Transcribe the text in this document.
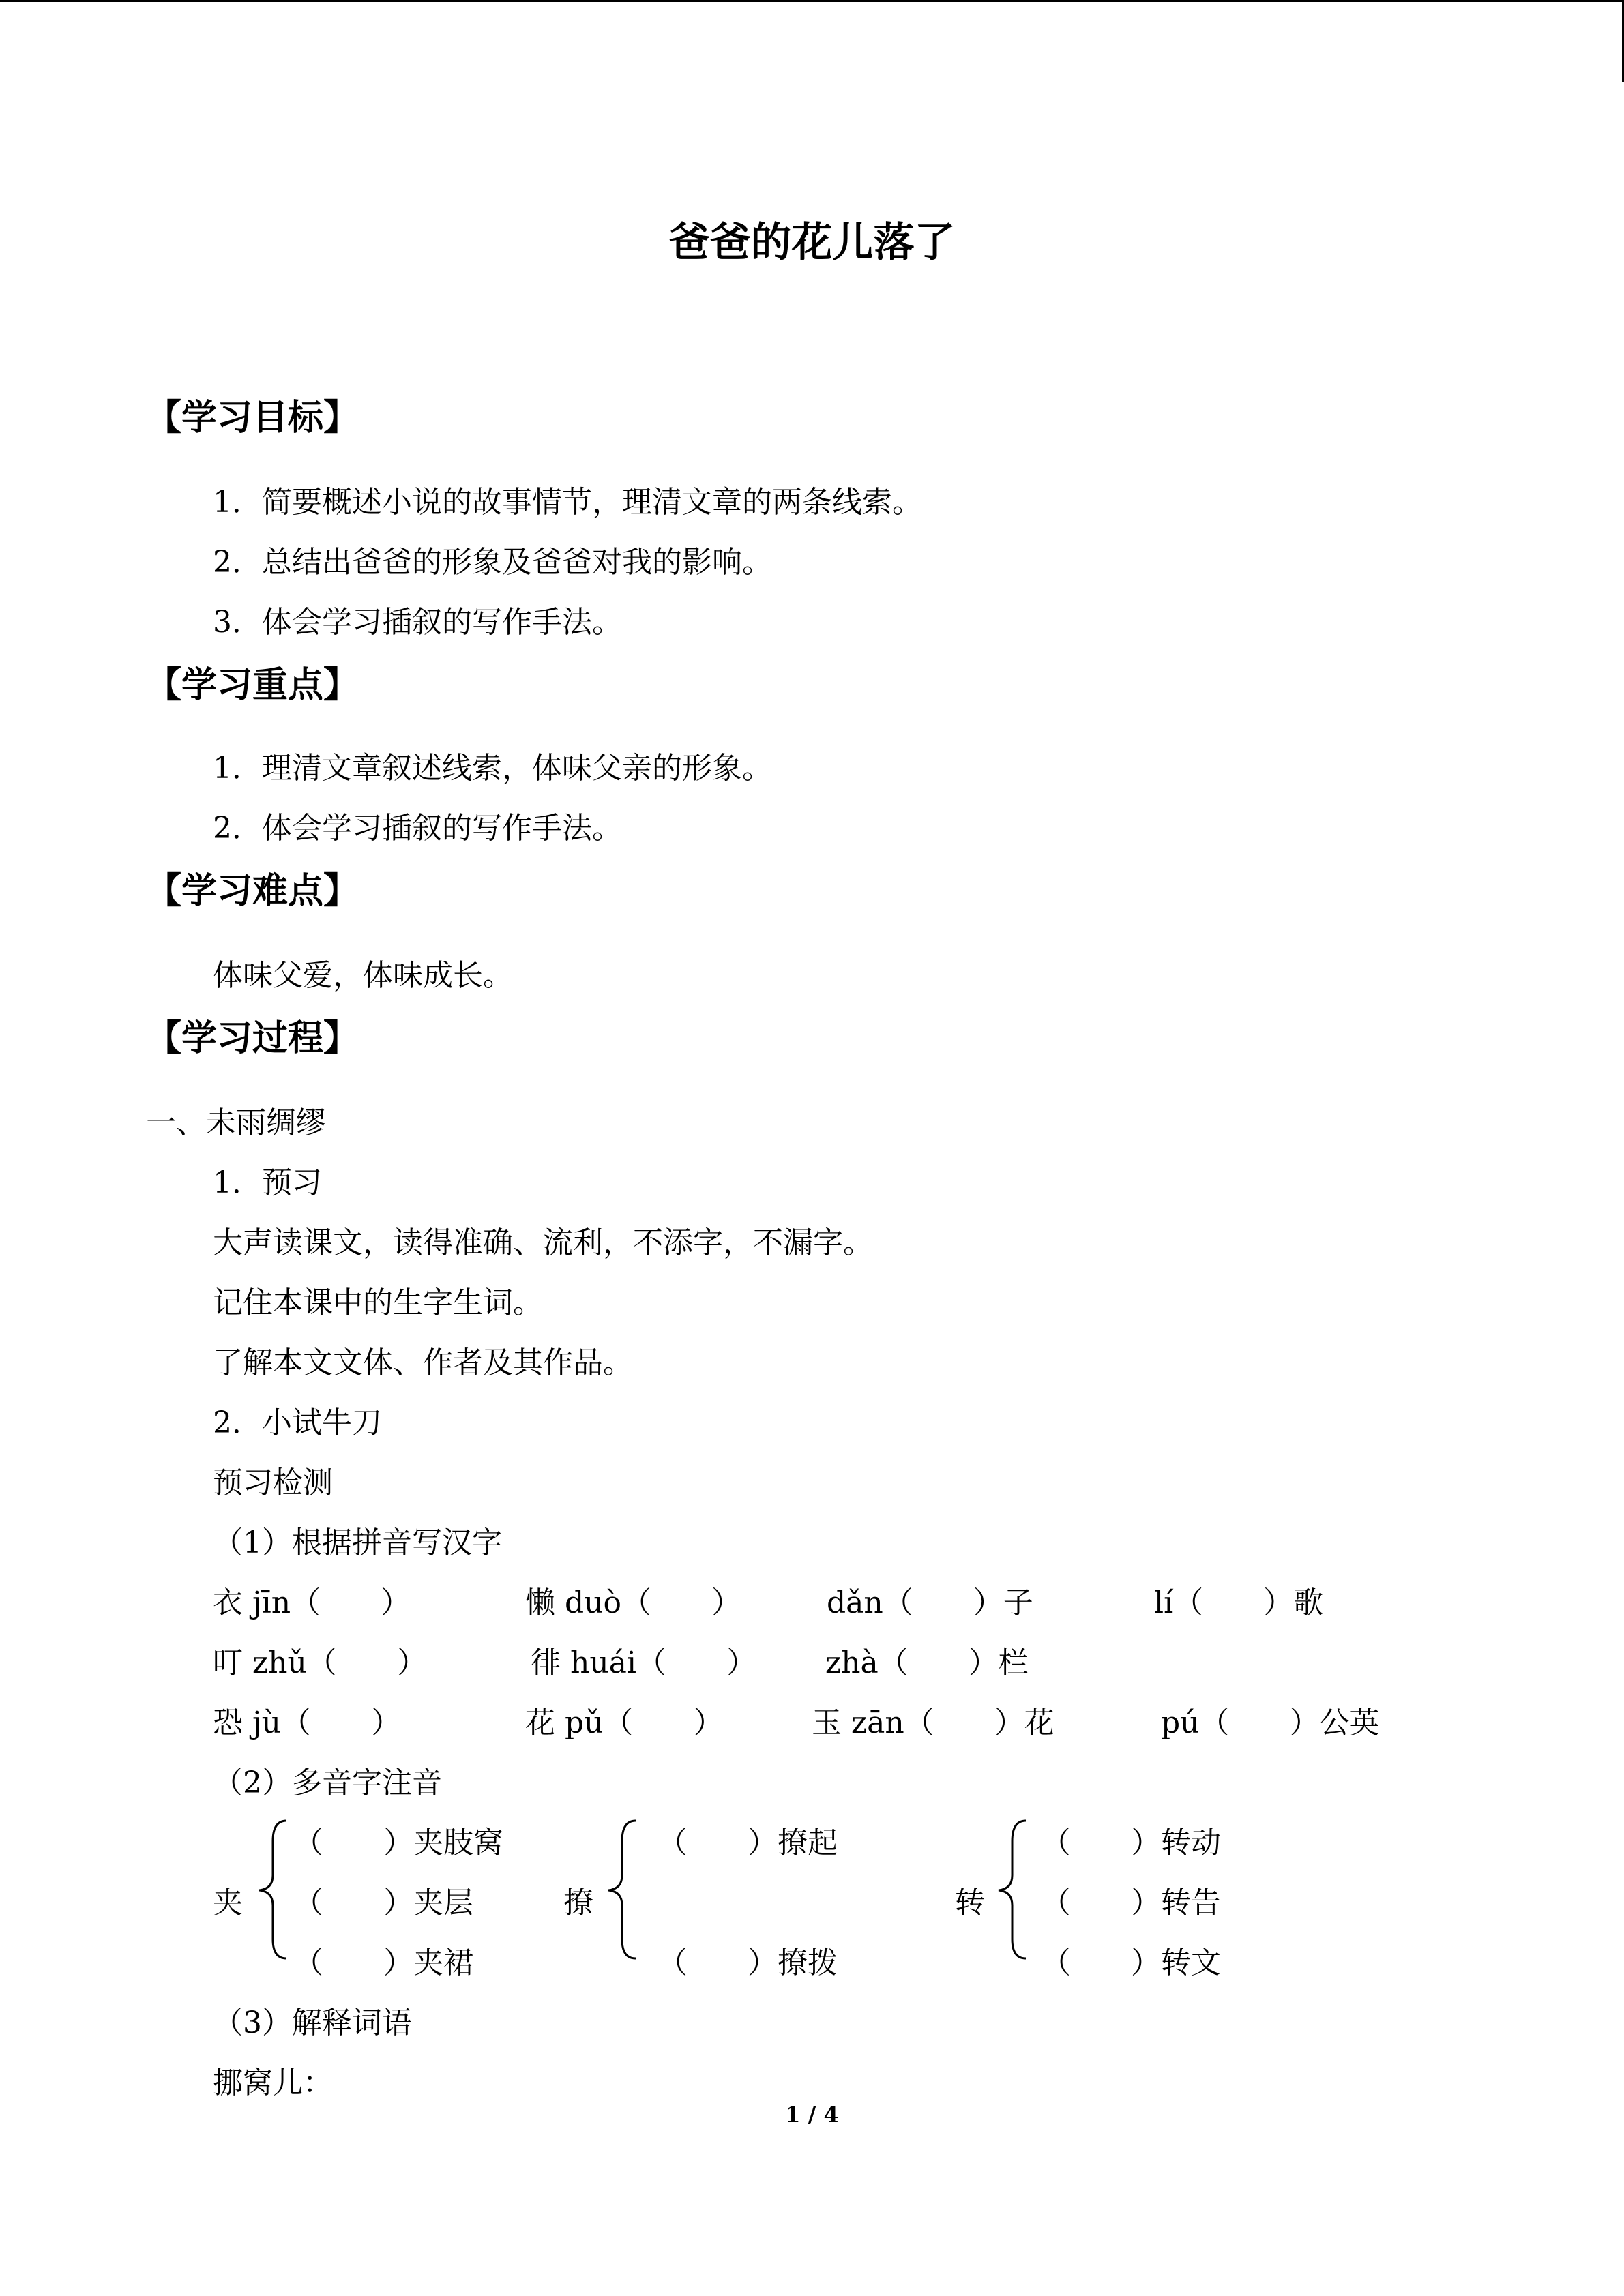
爸爸的花儿落了
【学习目标】
1．简要概述小说的故事情节，理清文章的两条线索。
2．总结出爸爸的形象及爸爸对我的影响。
3．体会学习插叙的写作手法。
【学习重点】
1．理清文章叙述线索，体味父亲的形象。
2．体会学习插叙的写作手法。
【学习难点】
体味父爱，体味成长。
【学习过程】
一、未雨绸缪
1．预习
大声读课文，读得准确、流利，不添字，不漏字。
记住本课中的生字生词。
了解本文文体、作者及其作品。
2．小试牛刀
预习检测
（1）根据拼音写汉字
衣 jīn（　　）	懒 duò（　　）	dǎn（　　）子	lí（　　）歌
叮 zhǔ（　　）	徘 huái（　　） zhà（　　）栏
恐 jù（　　）	花 pǔ（　　）	玉 zān（　　）花	pú（　　）公英
（2）多音字注音
夹
（　　）夹肢窝
（　　）夹层
（　　）夹裙
撩
（　　）撩起
（　　）撩拨
转
（　　）转动
（　　）转告
（　　）转文
（3）解释词语
挪窝儿：
1 / 4
